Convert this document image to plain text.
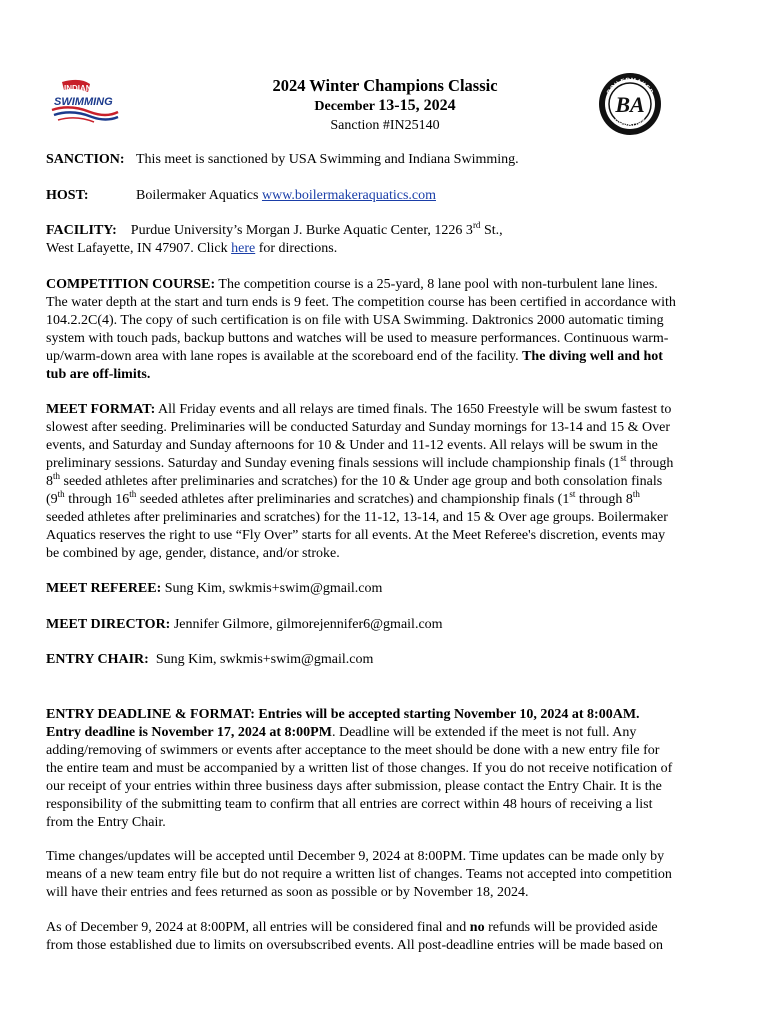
INDIANA
SWIMMING
BOILERMAKER
AQUATICS
BA
2024 Winter Champions Classic
December 13-15, 2024
Sanction #IN25140
SANCTION: This meet is sanctioned by USA Swimming and Indiana Swimming.
HOST:	Boilermaker Aquatics www.boilermakeraquatics.com
FACILITY: Purdue University’s Morgan J. Burke Aquatic Center, 1226 3rd St.,
West Lafayette, IN 47907. Click here for directions.
COMPETITION COURSE: The competition course is a 25-yard, 8 lane pool with non-turbulent lane lines.
The water depth at the start and turn ends is 9 feet. The competition course has been certified in accordance with
104.2.2C(4). The copy of such certification is on file with USA Swimming. Daktronics 2000 automatic timing
system with touch pads, backup buttons and watches will be used to measure performances. Continuous warm-
up/warm-down area with lane ropes is available at the scoreboard end of the facility. The diving well and hot
tub are off-limits.
MEET FORMAT: All Friday events and all relays are timed finals. The 1650 Freestyle will be swum fastest to
slowest after seeding. Preliminaries will be conducted Saturday and Sunday mornings for 13-14 and 15 & Over
events, and Saturday and Sunday afternoons for 10 & Under and 11-12 events. All relays will be swum in the
preliminary sessions. Saturday and Sunday evening finals sessions will include championship finals (1st through
8th seeded athletes after preliminaries and scratches) for the 10 & Under age group and both consolation finals
(9th through 16th seeded athletes after preliminaries and scratches) and championship finals (1st through 8th
seeded athletes after preliminaries and scratches) for the 11-12, 13-14, and 15 & Over age groups. Boilermaker
Aquatics reserves the right to use “Fly Over” starts for all events. At the Meet Referee's discretion, events may
be combined by age, gender, distance, and/or stroke.
MEET REFEREE: Sung Kim, swkmis+swim@gmail.com
MEET DIRECTOR: Jennifer Gilmore, gilmorejennifer6@gmail.com
ENTRY CHAIR:  Sung Kim, swkmis+swim@gmail.com
ENTRY DEADLINE & FORMAT: Entries will be accepted starting November 10, 2024 at 8:00AM.
Entry deadline is November 17, 2024 at 8:00PM. Deadline will be extended if the meet is not full. Any
adding/removing of swimmers or events after acceptance to the meet should be done with a new entry file for
the entire team and must be accompanied by a written list of those changes. If you do not receive notification of
our receipt of your entries within three business days after submission, please contact the Entry Chair. It is the
responsibility of the submitting team to confirm that all entries are correct within 48 hours of receiving a list
from the Entry Chair.
Time changes/updates will be accepted until December 9, 2024 at 8:00PM. Time updates can be made only by
means of a new team entry file but do not require a written list of changes. Teams not accepted into competition
will have their entries and fees returned as soon as possible or by November 18, 2024.
As of December 9, 2024 at 8:00PM, all entries will be considered final and no refunds will be provided aside
from those established due to limits on oversubscribed events. All post-deadline entries will be made based on
